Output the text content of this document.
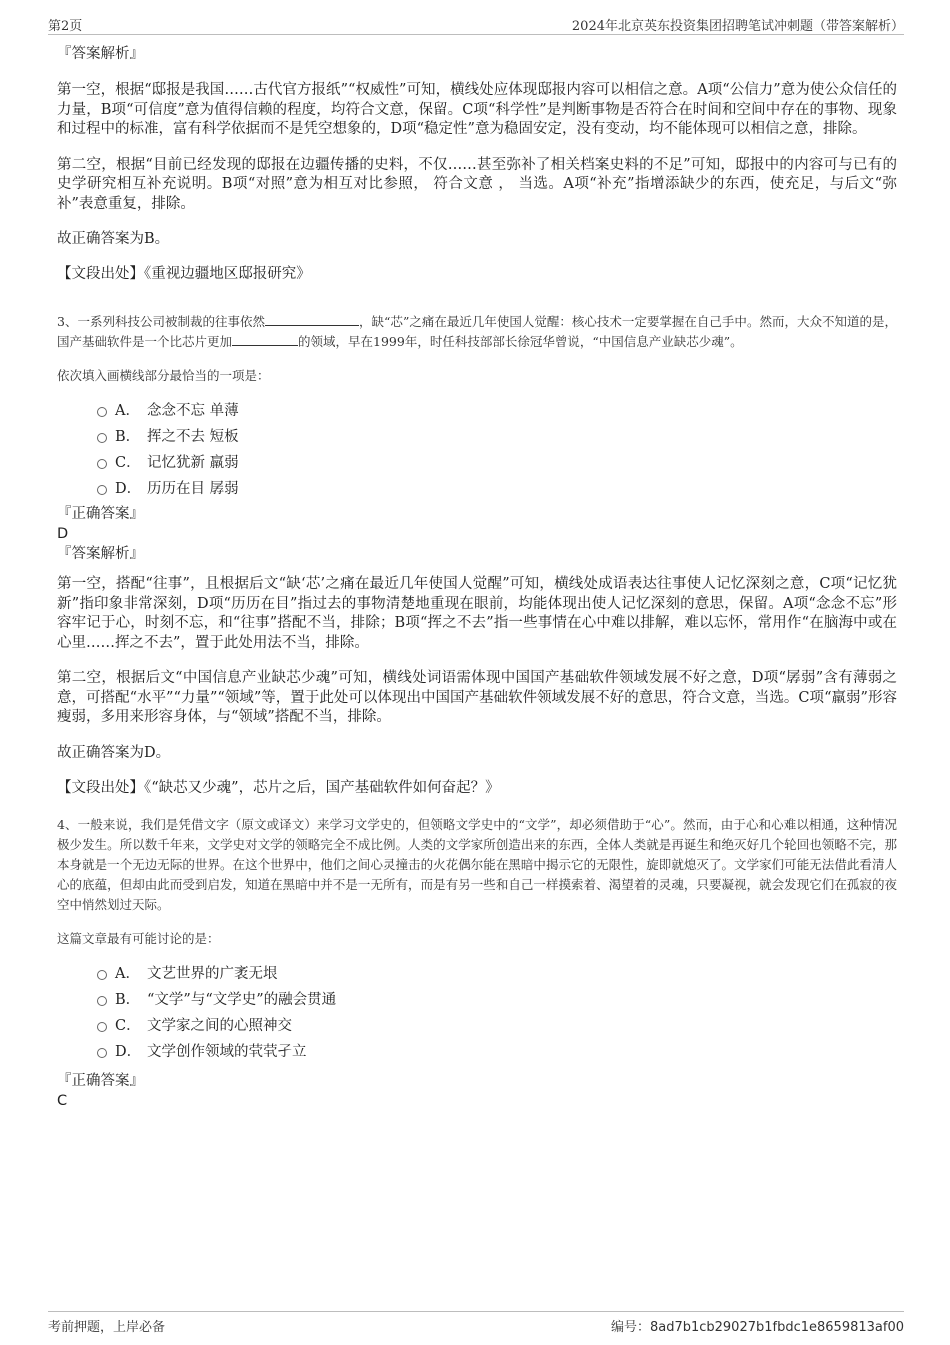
第2页	2024年北京英东投资集团招聘笔试冲刺题（带答案解析）

『答案解析』

第一空，根据“邸报是我国……古代官方报纸”“权威性”可知，横线处应体现邸报内容可以相信之意。A项“公信力”意为使公众信任的力量，B项“可信度”意为值得信赖的程度，均符合文意，保留。C项“科学性”是判断事物是否符合在时间和空间中存在的事物、现象和过程中的标准，富有科学依据而不是凭空想象的，D项“稳定性”意为稳固安定，没有变动，均不能体现可以相信之意，排除。

第二空，根据“目前已经发现的邸报在边疆传播的史料，不仅……甚至弥补了相关档案史料的不足”可知，邸报中的内容可与已有的史学研究相互补充说明。B项“对照”意为相互对比参照， 符合文意 ， 当选。A项“补充”指增添缺少的东西，使充足，与后文“弥补”表意重复，排除。

故正确答案为B。

【文段出处】《重视边疆地区邸报研究》

3、一系列科技公司被制裁的往事依然	，缺“芯”之痛在最近几年使国人觉醒：核心技术一定要掌握在自己手中。然而，大众不知道的是，国产基础软件是一个比芯片更加	的领域，早在1999年，时任科技部部长徐冠华曾说，“中国信息产业缺芯少魂”。

依次填入画横线部分最恰当的一项是：

A． 念念不忘 单薄
B． 挥之不去 短板
C． 记忆犹新 羸弱
D． 历历在目 孱弱

『正确答案』

D

『答案解析』

第一空，搭配“往事”，且根据后文“缺‘芯’之痛在最近几年使国人觉醒”可知，横线处成语表达往事使人记忆深刻之意，C项“记忆犹新”指印象非常深刻，D项“历历在目”指过去的事物清楚地重现在眼前，均能体现出使人记忆深刻的意思，保留。A项“念念不忘”形容牢记于心，时刻不忘，和“往事”搭配不当，排除；B项“挥之不去”指一些事情在心中难以排解，难以忘怀，常用作“在脑海中或在心里……挥之不去”，置于此处用法不当，排除。

第二空，根据后文“中国信息产业缺芯少魂”可知，横线处词语需体现中国国产基础软件领域发展不好之意，D项“孱弱”含有薄弱之意，可搭配“水平”“力量”“领域”等，置于此处可以体现出中国国产基础软件领域发展不好的意思，符合文意，当选。C项“羸弱”形容瘦弱，多用来形容身体，与“领域”搭配不当，排除。

故正确答案为D。

【文段出处】《“缺芯又少魂”，芯片之后，国产基础软件如何奋起？》

4、一般来说，我们是凭借文字（原文或译文）来学习文学史的，但领略文学史中的“文学”，却必须借助于“心”。然而，由于心和心难以相通，这种情况极少发生。所以数千年来，文学史对文学的领略完全不成比例。人类的文学家所创造出来的东西，全体人类就是再诞生和绝灭好几个轮回也领略不完，那本身就是一个无边无际的世界。在这个世界中，他们之间心灵撞击的火花偶尔能在黑暗中揭示它的无限性，旋即就熄灭了。文学家们可能无法借此看清人心的底蕴，但却由此而受到启发，知道在黑暗中并不是一无所有，而是有另一些和自己一样摸索着、渴望着的灵魂，只要凝视，就会发现它们在孤寂的夜空中悄然划过天际。

这篇文章最有可能讨论的是：

A． 文艺世界的广袤无垠
B． “文学”与“文学史”的融会贯通
C． 文学家之间的心照神交
D． 文学创作领域的茕茕孑立

『正确答案』

C

考前押题，上岸必备	编号：8ad7b1cb29027b1fbdc1e8659813af00
